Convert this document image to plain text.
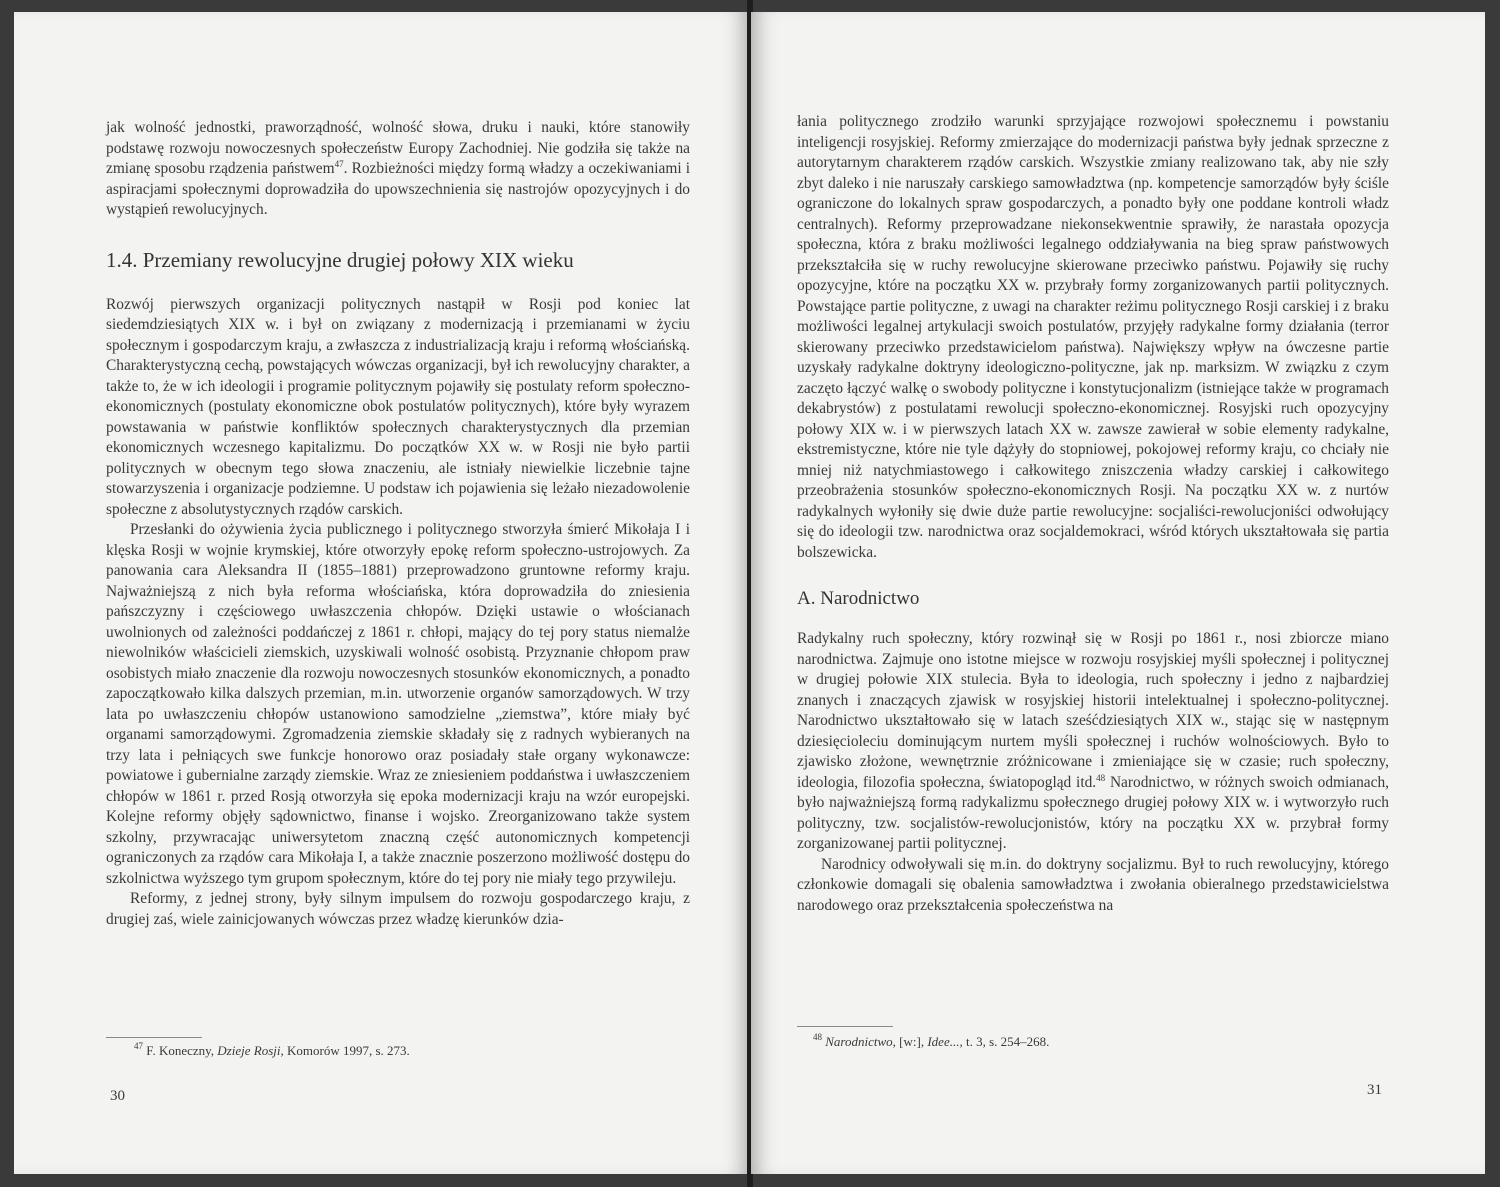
jak wolność jednostki, praworządność, wolność słowa, druku i nauki, które stanowiły podstawę rozwoju nowoczesnych społeczeństw Europy Zachodniej. Nie godziła się także na zmianę sposobu rządzenia państwem$^{47}$. Rozbieżności między formą władzy a oczekiwaniami i aspiracjami społecznymi doprowadziła do upowszechnienia się nastrojów opozycyjnych i do wystąpień rewolucyjnych.

1.4. Przemiany rewolucyjne drugiej połowy XIX wieku

Rozwój pierwszych organizacji politycznych nastąpił w Rosji pod koniec lat siedemdziesiątych XIX w. i był on związany z modernizacją i przemianami w życiu społecznym i gospodarczym kraju, a zwłaszcza z industrializacją kraju i reformą włościańską. Charakterystyczną cechą, powstających wówczas organizacji, był ich rewolucyjny charakter, a także to, że w ich ideologii i programie politycznym pojawiły się postulaty reform społeczno-ekonomicznych (postulaty ekonomiczne obok postulatów politycznych), które były wyrazem powstawania w państwie konfliktów społecznych charakterystycznych dla przemian ekonomicznych wczesnego kapitalizmu. Do początków XX w. w Rosji nie było partii politycznych w obecnym tego słowa znaczeniu, ale istniały niewielkie liczebnie tajne stowarzyszenia i organizacje podziemne. U podstaw ich pojawienia się leżało niezadowolenie społeczne z absolutystycznych rządów carskich.

Przesłanki do ożywienia życia publicznego i politycznego stworzyła śmierć Mikołaja I i klęska Rosji w wojnie krymskiej, które otworzyły epokę reform społeczno-ustrojowych. Za panowania cara Aleksandra II (1855–1881) przeprowadzono gruntowne reformy kraju. Najważniejszą z nich była reforma włościańska, która doprowadziła do zniesienia pańszczyzny i częściowego uwłaszczenia chłopów. Dzięki ustawie o włościanach uwolnionych od zależności poddańczej z 1861 r. chłopi, mający do tej pory status niemalże niewolników właścicieli ziemskich, uzyskiwali wolność osobistą. Przyznanie chłopom praw osobistych miało znaczenie dla rozwoju nowoczesnych stosunków ekonomicznych, a ponadto zapoczątkowało kilka dalszych przemian, m.in. utworzenie organów samorządowych. W trzy lata po uwłaszczeniu chłopów ustanowiono samodzielne „ziemstwa”, które miały być organami samorządowymi. Zgromadzenia ziemskie składały się z radnych wybieranych na trzy lata i pełniących swe funkcje honorowo oraz posiadały stałe organy wykonawcze: powiatowe i gubernialne zarządy ziemskie. Wraz ze zniesieniem poddaństwa i uwłaszczeniem chłopów w 1861 r. przed Rosją otworzyła się epoka modernizacji kraju na wzór europejski. Kolejne reformy objęły sądownictwo, finanse i wojsko. Zreorganizowano także system szkolny, przywracając uniwersytetom znaczną część autonomicznych kompetencji ograniczonych za rządów cara Mikołaja I, a także znacznie poszerzono możliwość dostępu do szkolnictwa wyższego tym grupom społecznym, które do tej pory nie miały tego przywileju.

Reformy, z jednej strony, były silnym impulsem do rozwoju gospodarczego kraju, z drugiej zaś, wiele zainicjowanych wówczas przez władzę kierunków dzia-

$^{47}$ F. Koneczny, Dzieje Rosji, Komorów 1997, s. 273.
30

łania politycznego zrodziło warunki sprzyjające rozwojowi społecznemu i powstaniu inteligencji rosyjskiej. Reformy zmierzające do modernizacji państwa były jednak sprzeczne z autorytarnym charakterem rządów carskich. Wszystkie zmiany realizowano tak, aby nie szły zbyt daleko i nie naruszały carskiego samowładztwa (np. kompetencje samorządów były ściśle ograniczone do lokalnych spraw gospodarczych, a ponadto były one poddane kontroli władz centralnych). Reformy przeprowadzane niekonsekwentnie sprawiły, że narastała opozycja społeczna, która z braku możliwości legalnego oddziaływania na bieg spraw państwowych przekształciła się w ruchy rewolucyjne skierowane przeciwko państwu. Pojawiły się ruchy opozycyjne, które na początku XX w. przybrały formy zorganizowanych partii politycznych. Powstające partie polityczne, z uwagi na charakter reżimu politycznego Rosji carskiej i z braku możliwości legalnej artykulacji swoich postulatów, przyjęły radykalne formy działania (terror skierowany przeciwko przedstawicielom państwa). Największy wpływ na ówczesne partie uzyskały radykalne doktryny ideologiczno-polityczne, jak np. marksizm. W związku z czym zaczęto łączyć walkę o swobody polityczne i konstytucjonalizm (istniejące także w programach dekabrystów) z postulatami rewolucji społeczno-ekonomicznej. Rosyjski ruch opozycyjny połowy XIX w. i w pierwszych latach XX w. zawsze zawierał w sobie elementy radykalne, ekstremistyczne, które nie tyle dążyły do stopniowej, pokojowej reformy kraju, co chciały nie mniej niż natychmiastowego i całkowitego zniszczenia władzy carskiej i całkowitego przeobrażenia stosunków społeczno-ekonomicznych Rosji. Na początku XX w. z nurtów radykalnych wyłoniły się dwie duże partie rewolucyjne: socjaliści-rewolucjoniści odwołujący się do ideologii tzw. narodnictwa oraz socjaldemokraci, wśród których ukształtowała się partia bolszewicka.

A. Narodnictwo

Radykalny ruch społeczny, który rozwinął się w Rosji po 1861 r., nosi zbiorcze miano narodnictwa. Zajmuje ono istotne miejsce w rozwoju rosyjskiej myśli społecznej i politycznej w drugiej połowie XIX stulecia. Była to ideologia, ruch społeczny i jedno z najbardziej znanych i znaczących zjawisk w rosyjskiej historii intelektualnej i społeczno-politycznej. Narodnictwo ukształtowało się w latach sześćdziesiątych XIX w., stając się w następnym dziesięcioleciu dominującym nurtem myśli społecznej i ruchów wolnościowych. Było to zjawisko złożone, wewnętrznie zróżnicowane i zmieniające się w czasie; ruch społeczny, ideologia, filozofia społeczna, światopogląd itd.$^{48}$ Narodnictwo, w różnych swoich odmianach, było najważniejszą formą radykalizmu społecznego drugiej połowy XIX w. i wytworzyło ruch polityczny, tzw. socjalistów-rewolucjonistów, który na początku XX w. przybrał formy zorganizowanej partii politycznej.

Narodnicy odwoływali się m.in. do doktryny socjalizmu. Był to ruch rewolucyjny, którego członkowie domagali się obalenia samowładztwa i zwołania obieralnego przedstawicielstwa narodowego oraz przekształcenia społeczeństwa na

$^{48}$ Narodnictwo, [w:], Idee..., t. 3, s. 254–268.
31
